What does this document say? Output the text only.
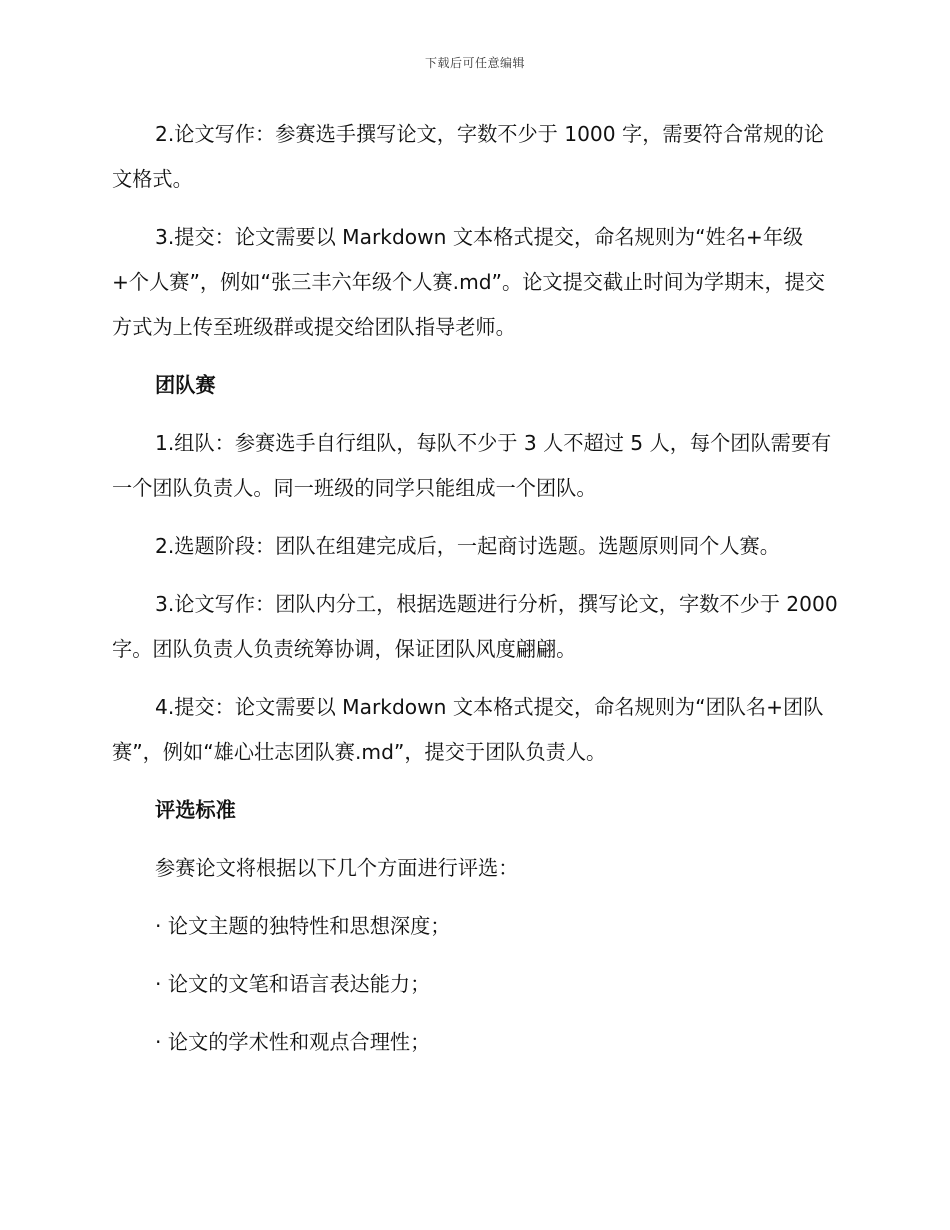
下载后可任意编辑

2.论文写作：参赛选手撰写论文，字数不少于 1000 字，需要符合常规的论文格式。

3.提交：论文需要以 Markdown 文本格式提交，命名规则为“姓名+年级+个人赛”，例如“张三丰六年级个人赛.md”。论文提交截止时间为学期末，提交方式为上传至班级群或提交给团队指导老师。

团队赛

1.组队：参赛选手自行组队，每队不少于 3 人不超过 5 人，每个团队需要有一个团队负责人。同一班级的同学只能组成一个团队。

2.选题阶段：团队在组建完成后，一起商讨选题。选题原则同个人赛。

3.论文写作：团队内分工，根据选题进行分析，撰写论文，字数不少于 2000 字。团队负责人负责统筹协调，保证团队风度翩翩。

4.提交：论文需要以 Markdown 文本格式提交，命名规则为“团队名+团队赛”，例如“雄心壮志团队赛.md”，提交于团队负责人。

评选标准

参赛论文将根据以下几个方面进行评选：

· 论文主题的独特性和思想深度；

· 论文的文笔和语言表达能力；

· 论文的学术性和观点合理性；
